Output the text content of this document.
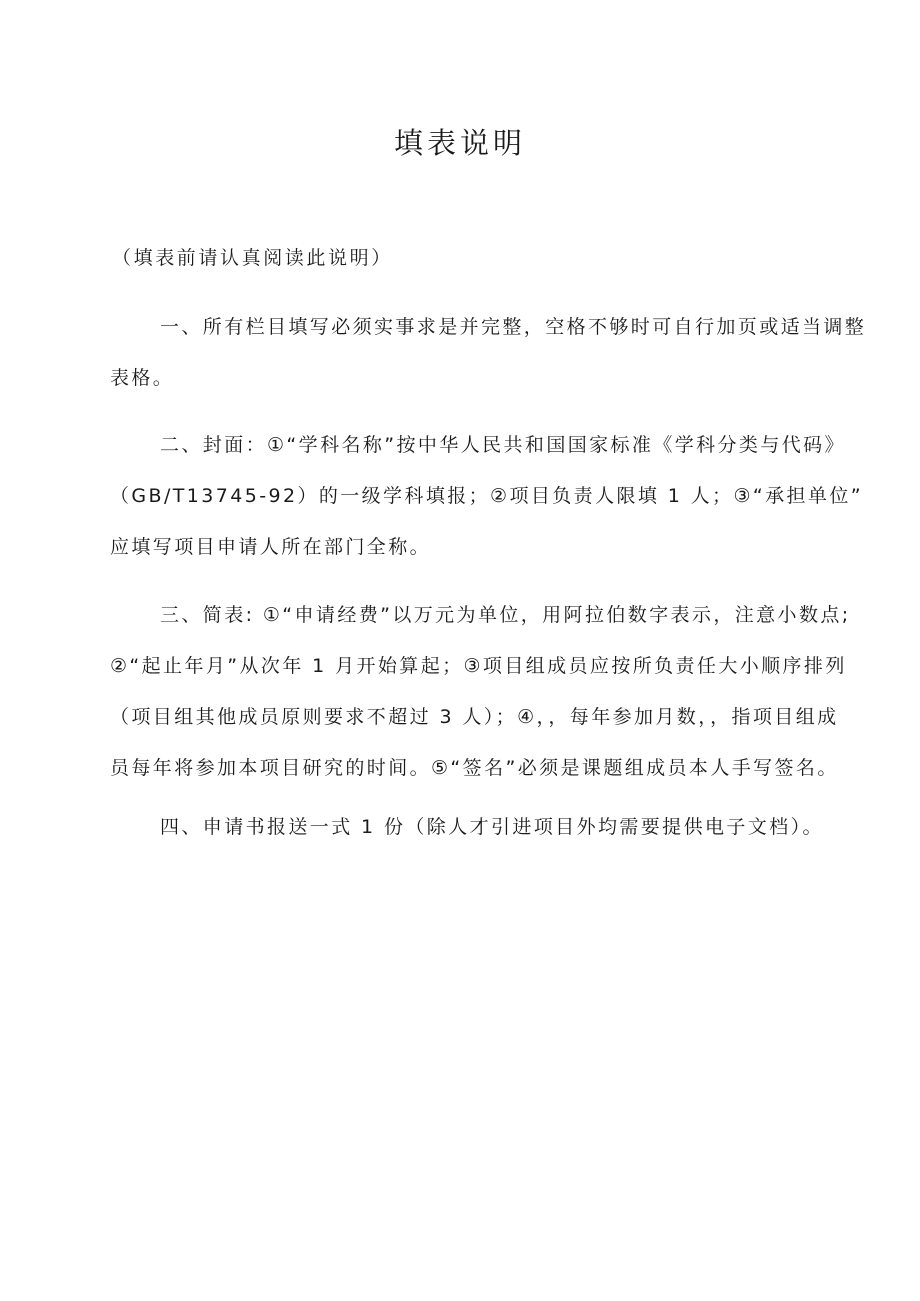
填表说明
（填表前请认真阅读此说明）
一、所有栏目填写必须实事求是并完整，空格不够时可自行加页或适当调整
表格。
二、封面：①“学科名称”按中华人民共和国国家标准《学科分类与代码》
（GB/T13745-92）的一级学科填报；②项目负责人限填 1 人；③“承担单位”
应填写项目申请人所在部门全称。
三、简表: ①“申请经费”以万元为单位，用阿拉伯数字表示，注意小数点;
②“起止年月”从次年 1 月开始算起；③项目组成员应按所负责任大小顺序排列
（项目组其他成员原则要求不超过 3 人）；④，，每年参加月数，，指项目组成
员每年将参加本项目研究的时间。⑤“签名”必须是课题组成员本人手写签名。
四、申请书报送一式 1 份（除人才引进项目外均需要提供电子文档）。
